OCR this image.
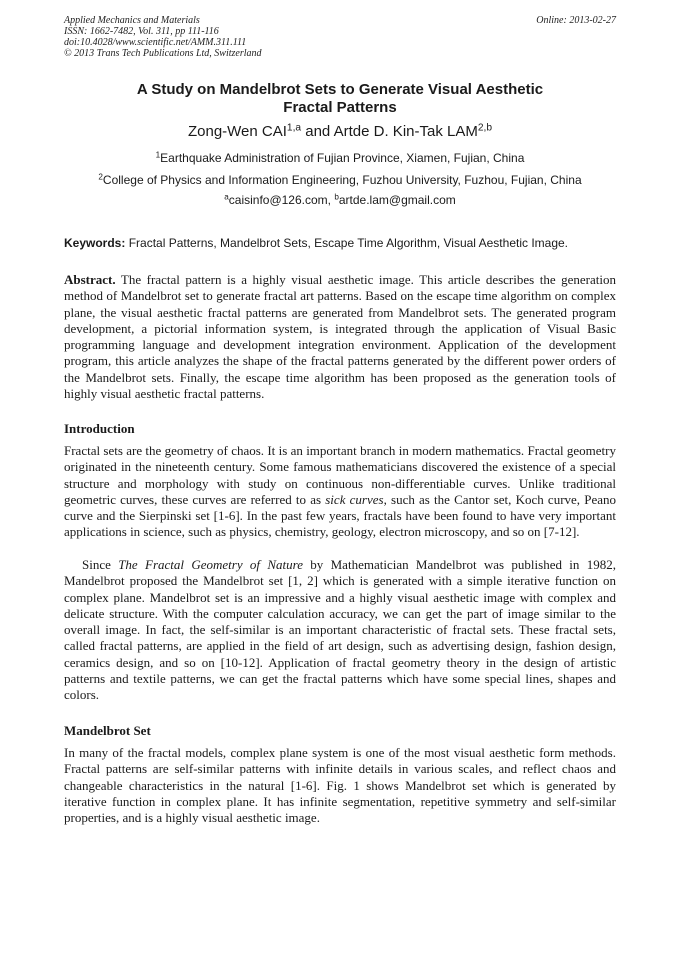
Applied Mechanics and Materials
ISSN: 1662-7482, Vol. 311, pp 111-116
doi:10.4028/www.scientific.net/AMM.311.111
© 2013 Trans Tech Publications Ltd, Switzerland
Online: 2013-02-27
A Study on Mandelbrot Sets to Generate Visual Aesthetic
Fractal Patterns
Zong-Wen CAI$^{1,a}$ and Artde D. Kin-Tak LAM$^{2,b}$
$^1$Earthquake Administration of Fujian Province, Xiamen, Fujian, China
$^2$College of Physics and Information Engineering, Fuzhou University, Fuzhou, Fujian, China
$^a$caisinfo@126.com, $^b$artde.lam@gmail.com
Keywords: Fractal Patterns, Mandelbrot Sets, Escape Time Algorithm, Visual Aesthetic Image.

Abstract. The fractal pattern is a highly visual aesthetic image. This article describes the generation method of Mandelbrot set to generate fractal art patterns. Based on the escape time algorithm on complex plane, the visual aesthetic fractal patterns are generated from Mandelbrot sets. The generated program development, a pictorial information system, is integrated through the application of Visual Basic programming language and development integration environment. Application of the development program, this article analyzes the shape of the fractal patterns generated by the different power orders of the Mandelbrot sets. Finally, the escape time algorithm has been proposed as the generation tools of highly visual aesthetic fractal patterns.

Introduction

Fractal sets are the geometry of chaos. It is an important branch in modern mathematics. Fractal geometry originated in the nineteenth century. Some famous mathematicians discovered the existence of a special structure and morphology with study on continuous non-differentiable curves. Unlike traditional geometric curves, these curves are referred to as sick curves, such as the Cantor set, Koch curve, Peano curve and the Sierpinski set [1-6]. In the past few years, fractals have been found to have very important applications in science, such as physics, chemistry, geology, electron microscopy, and so on [7-12].

Since The Fractal Geometry of Nature by Mathematician Mandelbrot was published in 1982, Mandelbrot proposed the Mandelbrot set [1, 2] which is generated with a simple iterative function on complex plane. Mandelbrot set is an impressive and a highly visual aesthetic image with complex and delicate structure. With the computer calculation accuracy, we can get the part of image similar to the overall image. In fact, the self-similar is an important characteristic of fractal sets. These fractal sets, called fractal patterns, are applied in the field of art design, such as advertising design, fashion design, ceramics design, and so on [10-12]. Application of fractal geometry theory in the design of artistic patterns and textile patterns, we can get the fractal patterns which have some special lines, shapes and colors.

Mandelbrot Set

In many of the fractal models, complex plane system is one of the most visual aesthetic form methods. Fractal patterns are self-similar patterns with infinite details in various scales, and reflect chaos and changeable characteristics in the natural [1-6]. Fig. 1 shows Mandelbrot set which is generated by iterative function in complex plane. It has infinite segmentation, repetitive symmetry and self-similar properties, and is a highly visual aesthetic image.
